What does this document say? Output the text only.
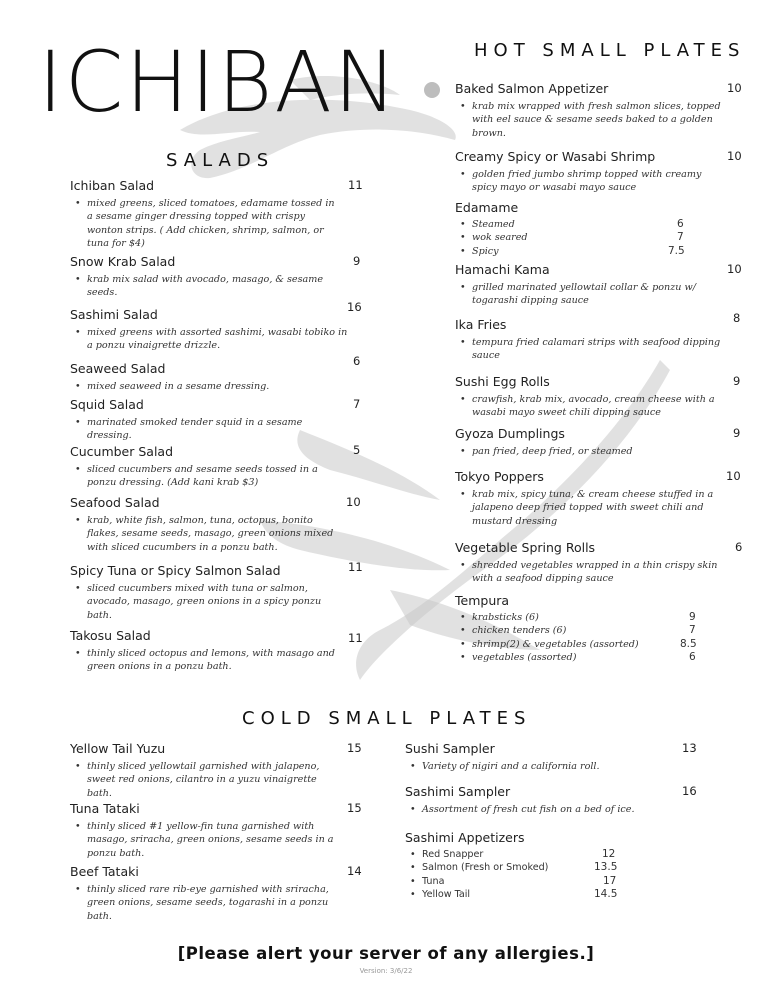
ICHIBAN	HOT SMALL PLATES
Baked Salmon Appetizer	10
• krab mix wrapped with fresh salmon slices, topped with eel sauce & sesame seeds baked to a golden brown.
Creamy Spicy or Wasabi Shrimp	10
• golden fried jumbo shrimp topped with creamy spicy mayo or wasabi mayo sauce
Edamame
• Steamed	6
• wok seared	7
• Spicy	7.5
Hamachi Kama	10
• grilled marinated yellowtail collar & ponzu w/ togarashi dipping sauce
Ika Fries	8
• tempura fried calamari strips with seafood dipping sauce
Sushi Egg Rolls	9
• crawfish, krab mix, avocado, cream cheese with a wasabi mayo sweet chili dipping sauce
Gyoza Dumplings	9
• pan fried, deep fried, or steamed
Tokyo Poppers	10
• krab mix, spicy tuna, & cream cheese stuffed in a jalapeno deep fried topped with sweet chili and mustard dressing
Vegetable Spring Rolls	6
• shredded vegetables wrapped in a thin crispy skin with a seafood dipping sauce
Tempura
• krabsticks (6)	9
• chicken tenders (6)	7
• shrimp(2) & vegetables (assorted)	8.5
• vegetables (assorted)	6
SALADS
Ichiban Salad	11
• mixed greens, sliced tomatoes, edamame tossed in a sesame ginger dressing topped with crispy wonton strips. ( Add chicken, shrimp, salmon, or tuna for $4)
Snow Krab Salad	9
• krab mix salad with avocado, masago, & sesame seeds.
Sashimi Salad	16
• mixed greens with assorted sashimi, wasabi tobiko in a ponzu vinaigrette drizzle.
Seaweed Salad	6
• mixed seaweed in a sesame dressing.
Squid Salad	7
• marinated smoked tender squid in a sesame dressing.
Cucumber Salad	5
• sliced cucumbers and sesame seeds tossed in a ponzu dressing. (Add kani krab $3)
Seafood Salad	10
• krab, white fish, salmon, tuna, octopus, bonito flakes, sesame seeds, masago, green onions mixed with sliced cucumbers in a ponzu bath.
Spicy Tuna or Spicy Salmon Salad	11
• sliced cucumbers mixed with tuna or salmon, avocado, masago, green onions in a spicy ponzu bath.
Takosu Salad	11
• thinly sliced octopus and lemons, with masago and green onions in a ponzu bath.
COLD SMALL PLATES
Yellow Tail Yuzu	15
• thinly sliced yellowtail garnished with jalapeno, sweet red onions, cilantro in a yuzu vinaigrette bath.
Tuna Tataki	15
• thinly sliced #1 yellow-fin tuna garnished with masago, sriracha, green onions, sesame seeds in a ponzu bath.
Beef Tataki	14
• thinly sliced rare rib-eye garnished with sriracha, green onions, sesame seeds, togarashi in a ponzu bath.
Sushi Sampler	13
• Variety of nigiri and a california roll.
Sashimi Sampler	16
• Assortment of fresh cut fish on a bed of ice.
Sashimi Appetizers
• Red Snapper	12
• Salmon (Fresh or Smoked)	13.5
• Tuna	17
• Yellow Tail	14.5
[Please alert your server of any allergies.]
Version: 3/6/22
